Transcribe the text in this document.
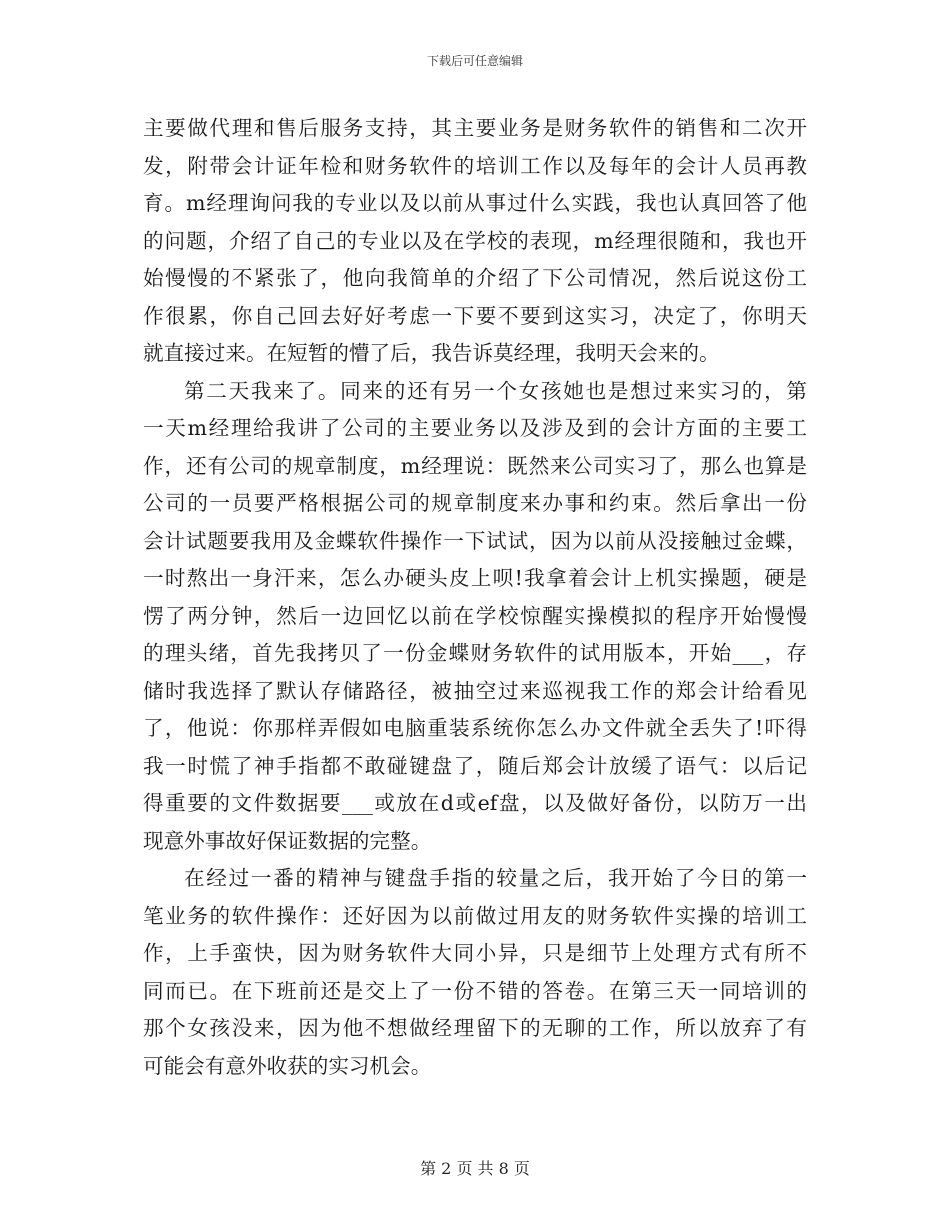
下载后可任意编辑
主要做代理和售后服务支持，其主要业务是财务软件的销售和二次开
发，附带会计证年检和财务软件的培训工作以及每年的会计人员再教
育。m经理询问我的专业以及以前从事过什么实践，我也认真回答了他
的问题，介绍了自己的专业以及在学校的表现，m经理很随和，我也开
始慢慢的不紧张了，他向我简单的介绍了下公司情况，然后说这份工
作很累，你自己回去好好考虑一下要不要到这实习，决定了，你明天
就直接过来。在短暂的懵了后，我告诉莫经理，我明天会来的。
第二天我来了。同来的还有另一个女孩她也是想过来实习的，第
一天m经理给我讲了公司的主要业务以及涉及到的会计方面的主要工
作，还有公司的规章制度，m经理说：既然来公司实习了，那么也算是
公司的一员要严格根据公司的规章制度来办事和约束。然后拿出一份
会计试题要我用及金蝶软件操作一下试试，因为以前从没接触过金蝶，
一时熬出一身汗来，怎么办硬头皮上呗!我拿着会计上机实操题，硬是
愣了两分钟，然后一边回忆以前在学校惊醒实操模拟的程序开始慢慢
的理头绪，首先我拷贝了一份金蝶财务软件的试用版本，开始___，存
储时我选择了默认存储路径，被抽空过来巡视我工作的郑会计给看见
了，他说：你那样弄假如电脑重装系统你怎么办文件就全丢失了!吓得
我一时慌了神手指都不敢碰键盘了，随后郑会计放缓了语气：以后记
得重要的文件数据要___或放在d或ef盘，以及做好备份，以防万一出
现意外事故好保证数据的完整。
在经过一番的精神与键盘手指的较量之后，我开始了今日的第一
笔业务的软件操作：还好因为以前做过用友的财务软件实操的培训工
作，上手蛮快，因为财务软件大同小异，只是细节上处理方式有所不
同而已。在下班前还是交上了一份不错的答卷。在第三天一同培训的
那个女孩没来，因为他不想做经理留下的无聊的工作，所以放弃了有
可能会有意外收获的实习机会。
第 2 页 共 8 页
